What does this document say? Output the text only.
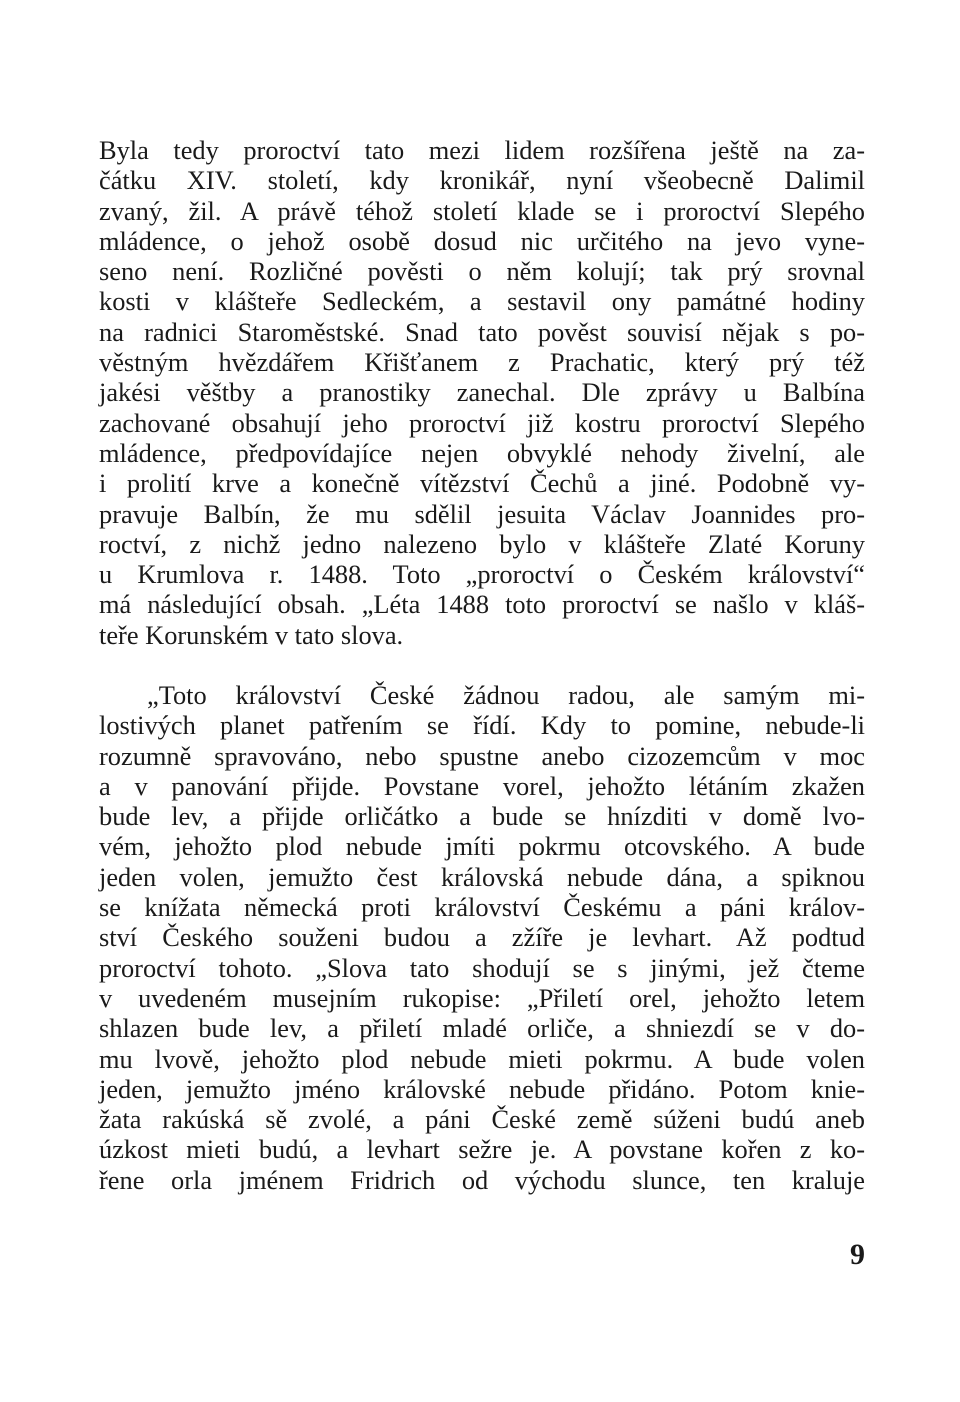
Byla tedy proroctví tato mezi lidem rozšířena ještě na za-
čátku XIV. století, kdy kronikář, nyní všeobecně Dalimil
zvaný, žil. A právě téhož století klade se i proroctví Slepého
mládence, o jehož osobě dosud nic určitého na jevo vyne-
seno není. Rozličné pověsti o něm kolují; tak prý srovnal
kosti v klášteře Sedleckém, a sestavil ony památné hodiny
na radnici Staroměstské. Snad tato pověst souvisí nějak s po-
věstným hvězdářem Křišťanem z Prachatic, který prý též
jakési věštby a pranostiky zanechal. Dle zprávy u Balbína
zachované obsahují jeho proroctví již kostru proroctví Slepého
mládence, předpovídajíce nejen obvyklé nehody živelní, ale
i prolití krve a konečně vítězství Čechů a jiné. Podobně vy-
pravuje Balbín, že mu sdělil jesuita Václav Joannides pro-
roctví, z nichž jedno nalezeno bylo v klášteře Zlaté Koruny
u Krumlova r. 1488. Toto „proroctví o Českém království“
má následující obsah. „Léta 1488 toto proroctví se našlo v kláš-
teře Korunském v tato slova.
„Toto království České žádnou radou, ale samým mi-
lostivých planet patřením se řídí. Kdy to pomine, nebude-li
rozumně spravováno, nebo spustne anebo cizozemcům v moc
a v panování přijde. Povstane vorel, jehožto létáním zkažen
bude lev, a přijde orličátko a bude se hnízditi v domě lvo-
vém, jehožto plod nebude jmíti pokrmu otcovského. A bude
jeden volen, jemužto čest královská nebude dána, a spiknou
se knížata německá proti království Českému a páni králov-
ství Českého souženi budou a zžíře je levhart. Až podtud
proroctví tohoto. „Slova tato shodují se s jinými, jež čteme
v uvedeném musejním rukopise: „Přiletí orel, jehožto letem
shlazen bude lev, a přiletí mladé orliče, a shniezdí se v do-
mu lvově, jehožto plod nebude mieti pokrmu. A bude volen
jeden, jemužto jméno královské nebude přidáno. Potom knie-
žata rakúská sě zvolé, a páni České země súženi budú aneb
úzkost mieti budú, a levhart sežre je. A povstane kořen z ko-
řene orla jménem Fridrich od východu slunce, ten kraluje
9
